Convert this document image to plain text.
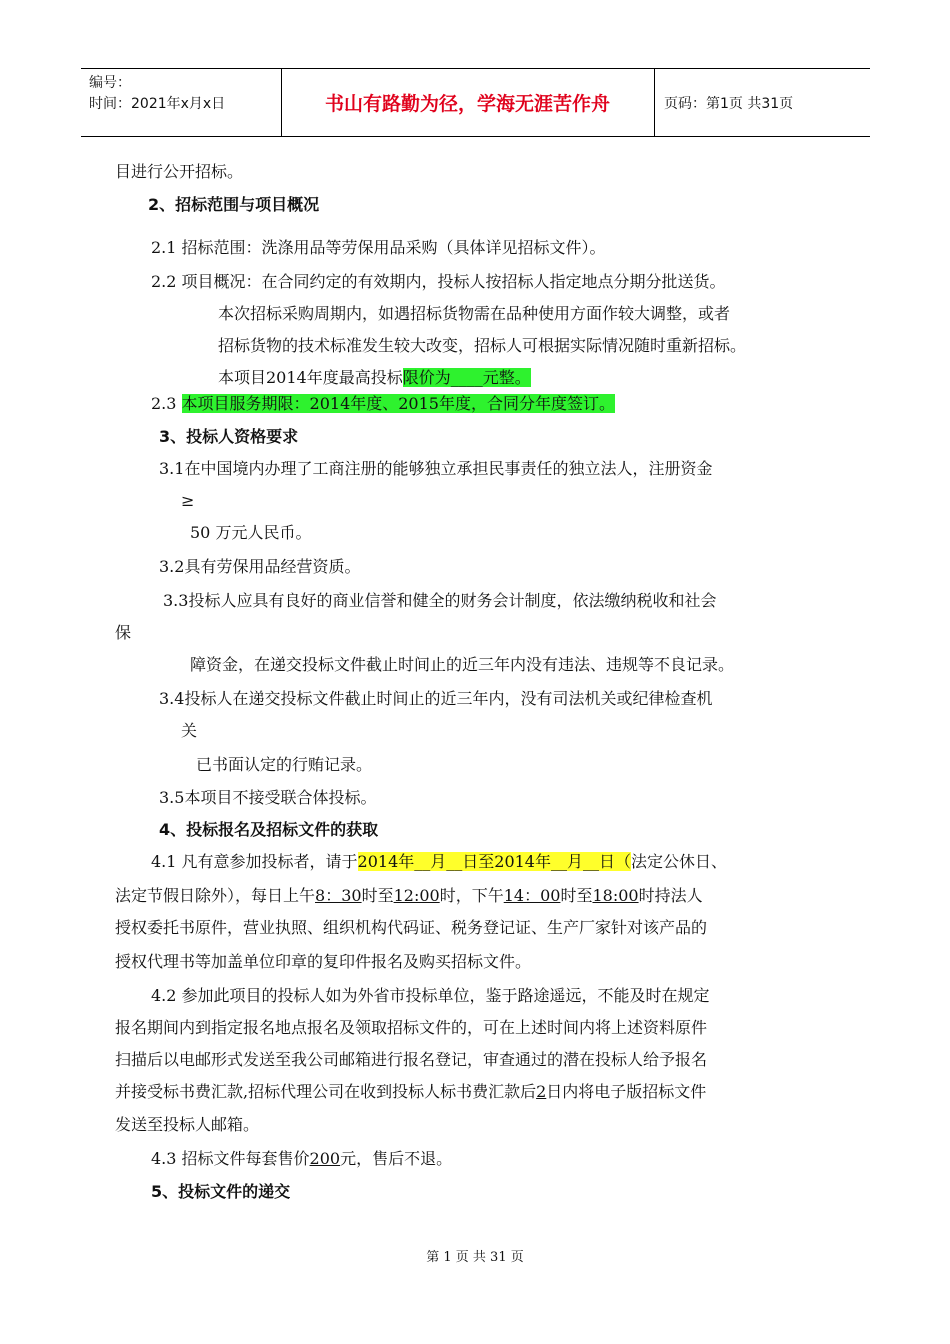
编号：
时间：2021年x月x日	书山有路勤为径，学海无涯苦作舟	页码：第1页 共31页
目进行公开招标。
2、招标范围与项目概况
2.1 招标范围：洗涤用品等劳保用品采购（具体详见招标文件）。
2.2 项目概况：在合同约定的有效期内，投标人按招标人指定地点分期分批送货。
本次招标采购周期内，如遇招标货物需在品种使用方面作较大调整，或者
招标货物的技术标准发生较大改变，招标人可根据实际情况随时重新招标。
本项目2014年度最高投标限价为____元整。
2.3 本项目服务期限：2014年度、2015年度，合同分年度签订。
3、投标人资格要求
3.1在中国境内办理了工商注册的能够独立承担民事责任的独立法人，注册资金
≥
50 万元人民币。
3.2具有劳保用品经营资质。
3.3投标人应具有良好的商业信誉和健全的财务会计制度，依法缴纳税收和社会
保
障资金，在递交投标文件截止时间止的近三年内没有违法、违规等不良记录。
3.4投标人在递交投标文件截止时间止的近三年内，没有司法机关或纪律检查机
关
已书面认定的行贿记录。
3.5本项目不接受联合体投标。
4、投标报名及招标文件的获取
4.1 凡有意参加投标者，请于2014年__月__日至2014年__月__日（法定公休日、
法定节假日除外），每日上午8：30时至12:00时，下午14：00时至18:00时持法人
授权委托书原件，营业执照、组织机构代码证、税务登记证、生产厂家针对该产品的
授权代理书等加盖单位印章的复印件报名及购买招标文件。
4.2 参加此项目的投标人如为外省市投标单位，鉴于路途遥远，不能及时在规定
报名期间内到指定报名地点报名及领取招标文件的，可在上述时间内将上述资料原件
扫描后以电邮形式发送至我公司邮箱进行报名登记，审查通过的潜在投标人给予报名
并接受标书费汇款,招标代理公司在收到投标人标书费汇款后2日内将电子版招标文件
发送至投标人邮箱。
4.3 招标文件每套售价200元，售后不退。
5、投标文件的递交
第 1 页 共 31 页
